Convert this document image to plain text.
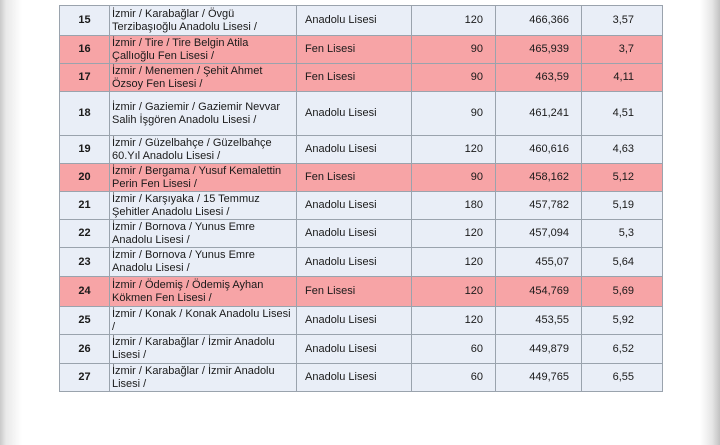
15	İzmir / Karabağlar / Övgü Terzibaşıoğlu Anadolu Lisesi /	Anadolu Lisesi	120	466,366	3,57
16	İzmir / Tire / Tire Belgin Atila Çallıoğlu Fen Lisesi /	Fen Lisesi	90	465,939	3,7
17	İzmir / Menemen / Şehit Ahmet Özsoy Fen Lisesi /	Fen Lisesi	90	463,59	4,11
18	İzmir / Gaziemir / Gaziemir Nevvar Salih İşgören Anadolu Lisesi /	Anadolu Lisesi	90	461,241	4,51
19	İzmir / Güzelbahçe / Güzelbahçe 60.Yıl Anadolu Lisesi /	Anadolu Lisesi	120	460,616	4,63
20	İzmir / Bergama / Yusuf Kemalettin Perin Fen Lisesi /	Fen Lisesi	90	458,162	5,12
21	İzmir / Karşıyaka / 15 Temmuz Şehitler Anadolu Lisesi /	Anadolu Lisesi	180	457,782	5,19
22	İzmir / Bornova / Yunus Emre Anadolu Lisesi /	Anadolu Lisesi	120	457,094	5,3
23	İzmir / Bornova / Yunus Emre Anadolu Lisesi /	Anadolu Lisesi	120	455,07	5,64
24	İzmir / Ödemiş / Ödemiş Ayhan Kökmen Fen Lisesi /	Fen Lisesi	120	454,769	5,69
25	İzmir / Konak / Konak Anadolu Lisesi /	Anadolu Lisesi	120	453,55	5,92
26	İzmir / Karabağlar / İzmir Anadolu Lisesi /	Anadolu Lisesi	60	449,879	6,52
27	İzmir / Karabağlar / İzmir Anadolu Lisesi /	Anadolu Lisesi	60	449,765	6,55
